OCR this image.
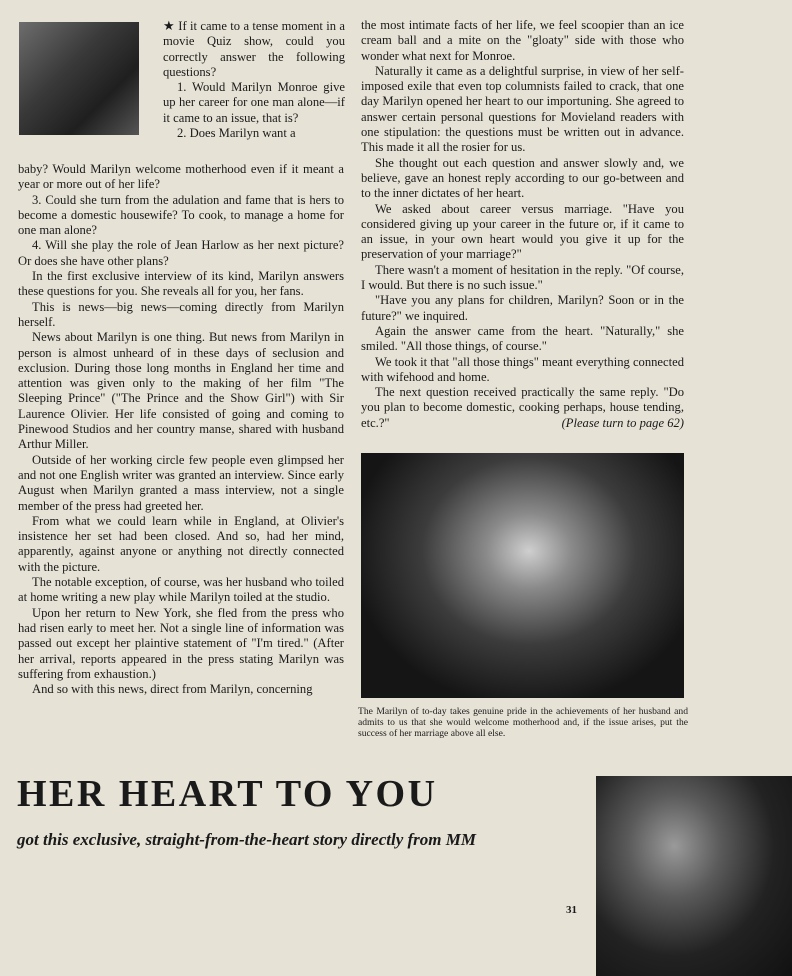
★ If it came to a tense moment in a movie Quiz show, could you correctly answer the following questions?

1. Would Marilyn Monroe give up her career for one man alone—if it came to an issue, that is?

2. Does Marilyn want a

baby? Would Marilyn welcome motherhood even if it meant a year or more out of her life?

3. Could she turn from the adulation and fame that is hers to become a domestic housewife? To cook, to manage a home for one man alone?

4. Will she play the role of Jean Harlow as her next picture? Or does she have other plans?

In the first exclusive interview of its kind, Marilyn answers these questions for you. She reveals all for you, her fans.

This is news—big news—coming directly from Marilyn herself.

News about Marilyn is one thing. But news from Marilyn in person is almost unheard of in these days of seclusion and exclusion. During those long months in England her time and attention was given only to the making of her film "The Sleeping Prince" ("The Prince and the Show Girl") with Sir Laurence Olivier. Her life consisted of going and coming to Pinewood Studios and her country manse, shared with husband Arthur Miller.

Outside of her working circle few people even glimpsed her and not one English writer was granted an interview. Since early August when Marilyn granted a mass interview, not a single member of the press had greeted her.

From what we could learn while in England, at Olivier's insistence her set had been closed. And so, had her mind, apparently, against anyone or anything not directly connected with the picture.

The notable exception, of course, was her husband who toiled at home writing a new play while Marilyn toiled at the studio.

Upon her return to New York, she fled from the press who had risen early to meet her. Not a single line of information was passed out except her plaintive statement of "I'm tired." (After her arrival, reports appeared in the press stating Marilyn was suffering from exhaustion.)

And so with this news, direct from Marilyn, concerning

the most intimate facts of her life, we feel scoopier than an ice cream ball and a mite on the "gloaty" side with those who wonder what next for Monroe.

Naturally it came as a delightful surprise, in view of her self-imposed exile that even top columnists failed to crack, that one day Marilyn opened her heart to our importuning. She agreed to answer certain personal questions for Movieland readers with one stipulation: the questions must be written out in advance. This made it all the rosier for us.

She thought out each question and answer slowly and, we believe, gave an honest reply according to our go-between and to the inner dictates of her heart.

We asked about career versus marriage. "Have you considered giving up your career in the future or, if it came to an issue, in your own heart would you give it up for the preservation of your marriage?"

There wasn't a moment of hesitation in the reply. "Of course, I would. But there is no such issue."

"Have you any plans for children, Marilyn? Soon or in the future?" we inquired.

Again the answer came from the heart. "Naturally," she smiled. "All those things, of course."

We took it that "all those things" meant everything connected with wifehood and home.

The next question received practically the same reply. "Do you plan to become domestic, cooking perhaps, house tending, etc.?"	(Please turn to page 62)

The Marilyn of to-day takes genuine pride in the achievements of her husband and admits to us that she would welcome motherhood and, if the issue arises, put the success of her marriage above all else.
HER HEART TO YOU
got this exclusive, straight-from-the-heart story directly from MM
31
